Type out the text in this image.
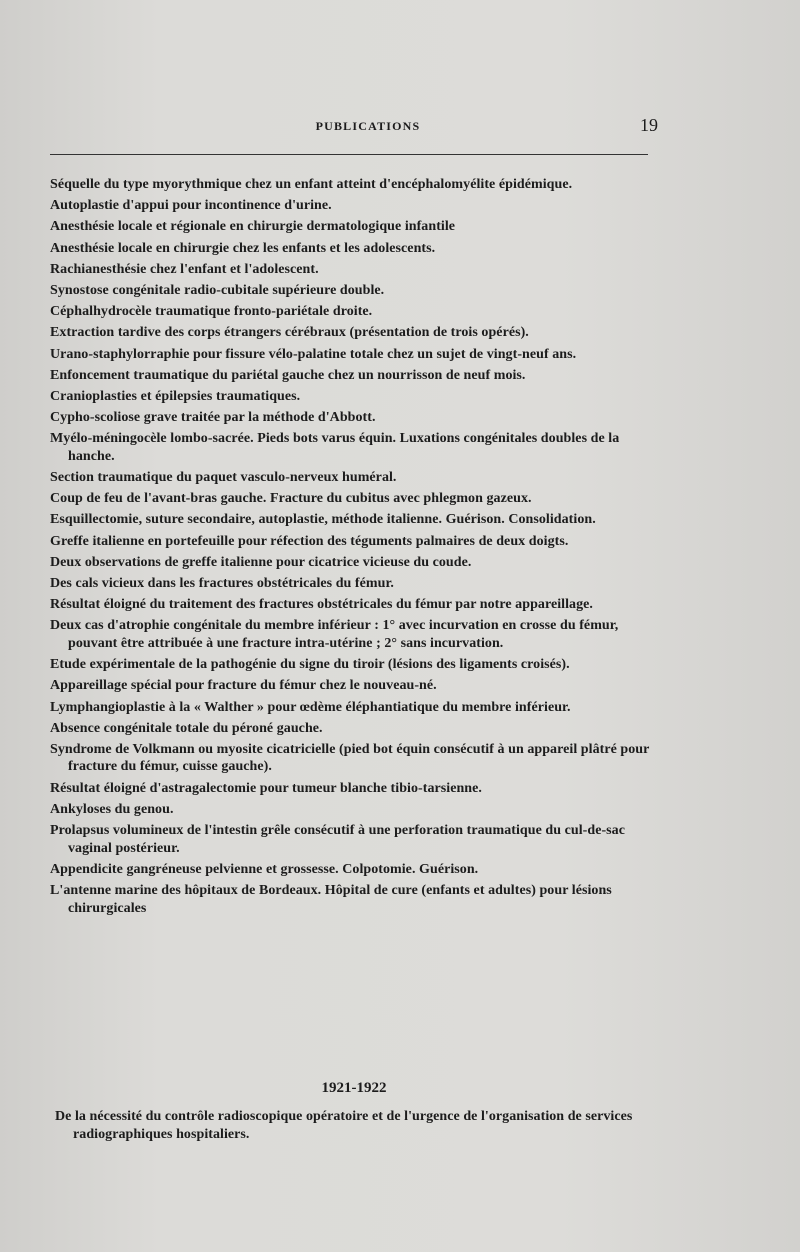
PUBLICATIONS	19
Séquelle du type myorythmique chez un enfant atteint d'encéphalomyélite épidémique.
Autoplastie d'appui pour incontinence d'urine.
Anesthésie locale et régionale en chirurgie dermatologique infantile
Anesthésie locale en chirurgie chez les enfants et les adolescents.
Rachianesthésie chez l'enfant et l'adolescent.
Synostose congénitale radio-cubitale supérieure double.
Céphalhydrocèle traumatique fronto-pariétale droite.
Extraction tardive des corps étrangers cérébraux (présentation de trois opérés).
Urano-staphylorraphie pour fissure vélo-palatine totale chez un sujet de vingt-neuf ans.
Enfoncement traumatique du pariétal gauche chez un nourrisson de neuf mois.
Cranioplasties et épilepsies traumatiques.
Cypho-scoliose grave traitée par la méthode d'Abbott.
Myélo-méningocèle lombo-sacrée. Pieds bots varus équin. Luxations congénitales doubles de la hanche.
Section traumatique du paquet vasculo-nerveux huméral.
Coup de feu de l'avant-bras gauche. Fracture du cubitus avec phlegmon gazeux.
Esquillectomie, suture secondaire, autoplastie, méthode italienne. Guérison. Consolidation.
Greffe italienne en portefeuille pour réfection des téguments palmaires de deux doigts.
Deux observations de greffe italienne pour cicatrice vicieuse du coude.
Des cals vicieux dans les fractures obstétricales du fémur.
Résultat éloigné du traitement des fractures obstétricales du fémur par notre appareillage.
Deux cas d'atrophie congénitale du membre inférieur : 1° avec incurvation en crosse du fémur, pouvant être attribuée à une fracture intra-utérine ; 2° sans incurvation.
Etude expérimentale de la pathogénie du signe du tiroir (lésions des ligaments croisés).
Appareillage spécial pour fracture du fémur chez le nouveau-né.
Lymphangioplastie à la « Walther » pour œdème éléphantiatique du membre inférieur.
Absence congénitale totale du péroné gauche.
Syndrome de Volkmann ou myosite cicatricielle (pied bot équin consécutif à un appareil plâtré pour fracture du fémur, cuisse gauche).
Résultat éloigné d'astragalectomie pour tumeur blanche tibio-tarsienne.
Ankyloses du genou.
Prolapsus volumineux de l'intestin grêle consécutif à une perforation traumatique du cul-de-sac vaginal postérieur.
Appendicite gangréneuse pelvienne et grossesse. Colpotomie. Guérison.
L'antenne marine des hôpitaux de Bordeaux. Hôpital de cure (enfants et adultes) pour lésions chirurgicales
1921-1922
De la nécessité du contrôle radioscopique opératoire et de l'urgence de l'organisation de services radiographiques hospitaliers.
